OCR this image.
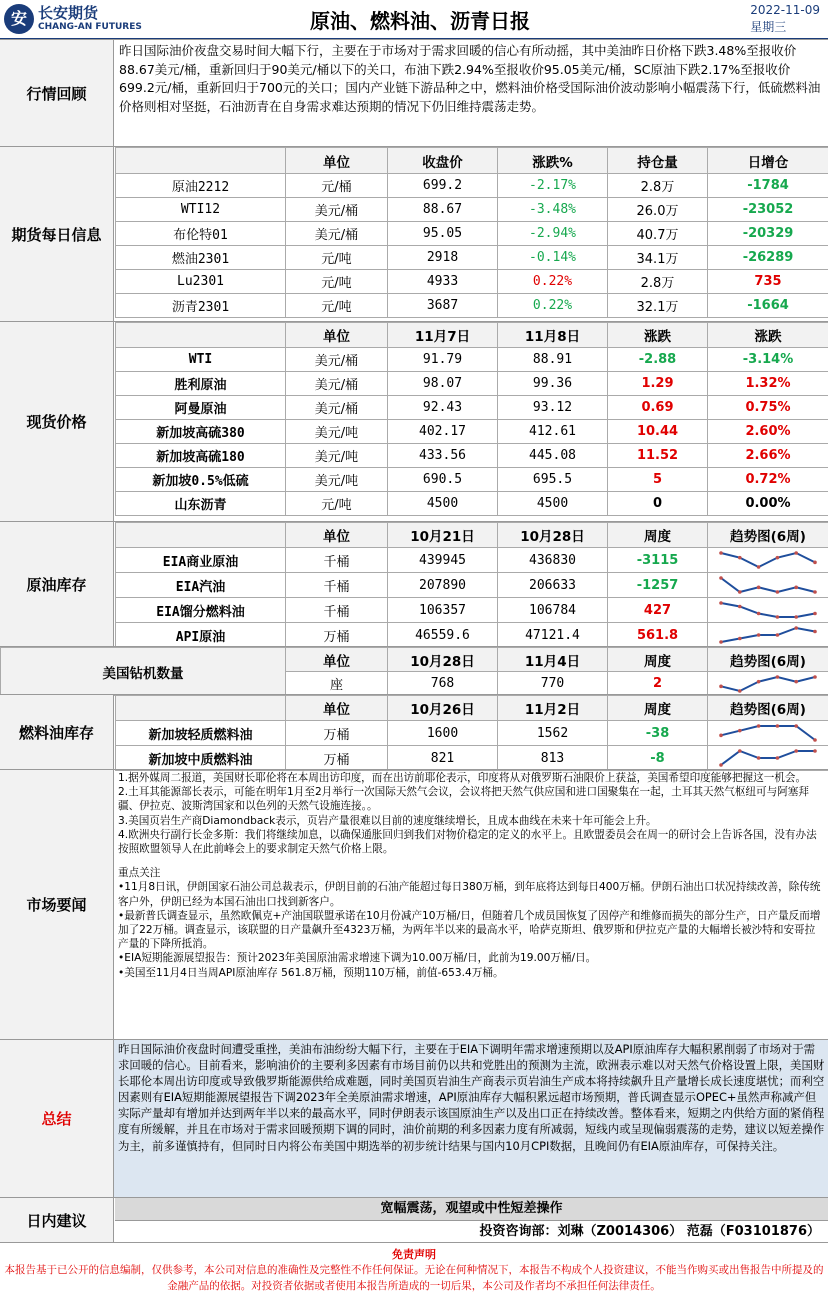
安 长安期货
CHANG-AN FUTURES	原油、燃料油、沥青日报	2022-11-09
星期三
行情回顾
昨日国际油价夜盘交易时间大幅下行，主要在于市场对于需求回暖的信心有所动摇，其中美油昨日价格下跌3.48%至报收价88.67美元/桶，重新回归于90美元/桶以下的关口，布油下跌2.94%至报收价95.05美元/桶，SC原油下跌2.17%至报收价699.2元/桶，重新回归于700元的关口；国内产业链下游品种之中，燃料油价格受国际油价波动影响小幅震荡下行，低硫燃料油价格则相对坚挺，石油沥青在自身需求难达预期的情况下仍旧维持震荡走势。
期货每日信息
	单位	收盘价	涨跌%	持仓量	日增仓
原油2212	元/桶	699.2	-2.17%	2.8万	-1784
WTI12	美元/桶	88.67	-3.48%	26.0万	-23052
布伦特01	美元/桶	95.05	-2.94%	40.7万	-20329
燃油2301	元/吨	2918	-0.14%	34.1万	-26289
Lu2301	元/吨	4933	0.22%	2.8万	735
沥青2301	元/吨	3687	0.22%	32.1万	-1664
现货价格
	单位	11月7日	11月8日	涨跌	涨跌
WTI	美元/桶	91.79	88.91	-2.88	-3.14%
胜利原油	美元/桶	98.07	99.36	1.29	1.32%
阿曼原油	美元/桶	92.43	93.12	0.69	0.75%
新加坡高硫380	美元/吨	402.17	412.61	10.44	2.60%
新加坡高硫180	美元/吨	433.56	445.08	11.52	2.66%
新加坡0.5%低硫	美元/吨	690.5	695.5	5	0.72%
山东沥青	元/吨	4500	4500	0	0.00%
原油库存
	单位	10月21日	10月28日	周度	趋势图(6周)
EIA商业原油	千桶	439945	436830	-3115	

EIA汽油	千桶	207890	206633	-1257	

EIA馏分燃料油	千桶	106357	106784	427	

API原油	万桶	46559.6	47121.4	561.8	
美国钻机数量	单位	10月28日	11月4日	周度	趋势图(6周)
	座	768	770	2	
燃料油库存
	单位	10月26日	11月2日	周度	趋势图(6周)
新加坡轻质燃料油	万桶	1600	1562	-38	

新加坡中质燃料油	万桶	821	813	-8	
市场要闻
1.据外媒周二报道，美国财长耶伦将在本周出访印度，而在出访前耶伦表示，印度将从对俄罗斯石油限价上获益，美国希望印度能够把握这一机会。
2.土耳其能源部长表示，可能在明年1月至2月举行一次国际天然气会议，会议将把天然气供应国和进口国聚集在一起，土耳其天然气枢纽可与阿塞拜疆、伊拉克、波斯湾国家和以色列的天然气设施连接。。
3.美国页岩生产商Diamondback表示，页岩产量很难以目前的速度继续增长，且成本曲线在未来十年可能会上升。
4.欧洲央行副行长金多斯：我们将继续加息，以确保通胀回归到我们对物价稳定的定义的水平上。且欧盟委员会在周一的研讨会上告诉各国，没有办法按照欧盟领导人在此前峰会上的要求制定天然气价格上限。
重点关注
•11月8日讯，伊朗国家石油公司总裁表示，伊朗目前的石油产能超过每日380万桶，到年底将达到每日400万桶。伊朗石油出口状况持续改善，除传统客户外，伊朗已经为本国石油出口找到新客户。
•最新普氏调查显示，虽然欧佩克+产油国联盟承诺在10月份减产10万桶/日，但随着几个成员国恢复了因停产和维修而损失的部分生产，日产量反而增加了22万桶。调查显示，该联盟的日产量飙升至4323万桶，为两年半以来的最高水平，哈萨克斯坦、俄罗斯和伊拉克产量的大幅增长被沙特和安哥拉产量的下降所抵消。
•EIA短期能源展望报告：预计2023年美国原油需求增速下调为10.00万桶/日，此前为19.00万桶/日。
•美国至11月4日当周API原油库存 561.8万桶，预期110万桶，前值-653.4万桶。
总结
昨日国际油价夜盘时间遭受重挫，美油布油纷纷大幅下行，主要在于EIA下调明年需求增速预期以及API原油库存大幅积累削弱了市场对于需求回暖的信心。目前看来，影响油价的主要利多因素有市场目前仍以共和党胜出的预测为主流，欧洲表示难以对天然气价格设置上限，美国财长耶伦本周出访印度或导致俄罗斯能源供给成难题，同时美国页岩油生产商表示页岩油生产成本将持续飙升且产量增长成长速度堪忧；而利空因素则有EIA短期能源展望报告下调2023年全美原油需求增速，API原油库存大幅积累远超市场预期，普氏调查显示OPEC+虽然声称减产但实际产量却有增加并达到两年半以来的最高水平，同时伊朗表示该国原油生产以及出口正在持续改善。整体看来，短期之内供给方面的紧俏程度有所缓解，并且在市场对于需求回暖预期下调的同时，油价前期的利多因素力度有所减弱，短线内或呈现偏弱震荡的走势，建议以短差操作为主，前多谨慎持有，但同时日内将公布美国中期选举的初步统计结果与国内10月CPI数据，且晚间仍有EIA原油库存，可保持关注。
日内建议
宽幅震荡，观望或中性短差操作
投资咨询部：刘琳（Z0014306） 范磊（F03101876）
免责声明
本报告基于已公开的信息编制，仅供参考，本公司对信息的准确性及完整性不作任何保证。无论在何种情况下，本报告不构成个人投资建议，不能当作购买或出售报告中所提及的金融产品的依据。对投资者依据或者使用本报告所造成的一切后果，本公司及作者均不承担任何法律责任。
